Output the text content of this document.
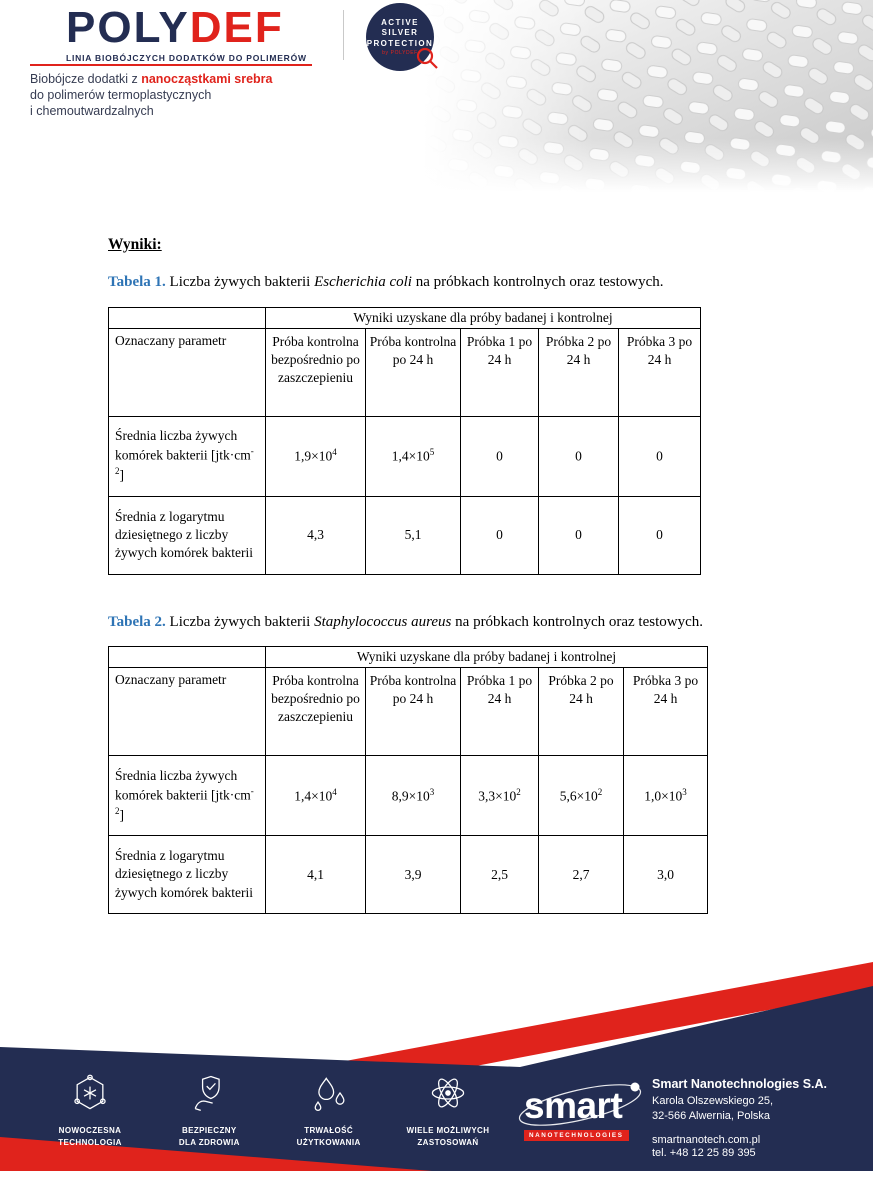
POLYDEF
LINIA BIOBÓJCZYCH DODATKÓW DO POLIMERÓW
ACTIVE
SILVER
PROTECTION
by POLYDEF
Biobójcze dodatki z nanocząstkami srebra
do polimerów termoplastycznych
i chemoutwardzalnych
Wyniki:

Tabela 1. Liczba żywych bakterii Escherichia coli na próbkach kontrolnych oraz testowych.

	Wyniki uzyskane dla próby badanej i kontrolnej				
Oznaczany parametr	Próba kontrolna bezpośrednio po zaszczepieniu	Próba kontrolna po 24 h	Próbka 1 po 24 h	Próbka 2 po 24 h	Próbka 3 po 24 h
Średnia liczba żywych komórek bakterii $[jtk\cdot cm^{-2}]$	$1,9\times 10^4$	$1,4\times 10^5$	0	0	0
Średnia z logarytmu dziesiętnego z liczby żywych komórek bakterii	4,3	5,1	0	0	0

Tabela 2. Liczba żywych bakterii Staphylococcus aureus na próbkach kontrolnych oraz testowych.

	Wyniki uzyskane dla próby badanej i kontrolnej				
Oznaczany parametr	Próba kontrolna bezpośrednio po zaszczepieniu	Próba kontrolna po 24 h	Próbka 1 po 24 h	Próbka 2 po 24 h	Próbka 3 po 24 h
Średnia liczba żywych komórek bakterii $[jtk\cdot cm^{-2}]$	$1,4\times 10^4$	$8,9\times 10^3$	$3,3\times 10^2$	$5,6\times 10^2$	$1,0\times 10^3$
Średnia z logarytmu dziesiętnego z liczby żywych komórek bakterii	4,1	3,9	2,5	2,7	3,0
NOWOCZESNA
TECHNOLOGIA
BEZPIECZNY
DLA ZDROWIA
TRWAŁOŚĆ
UŻYTKOWANIA
WIELE MOŻLIWYCH
ZASTOSOWAŃ
smart
NANOTECHNOLOGIES
Smart Nanotechnologies S.A.
Karola Olszewskiego 25,
32-566 Alwernia, Polska
smartnanotech.com.pl
tel. +48 12 25 89 395
